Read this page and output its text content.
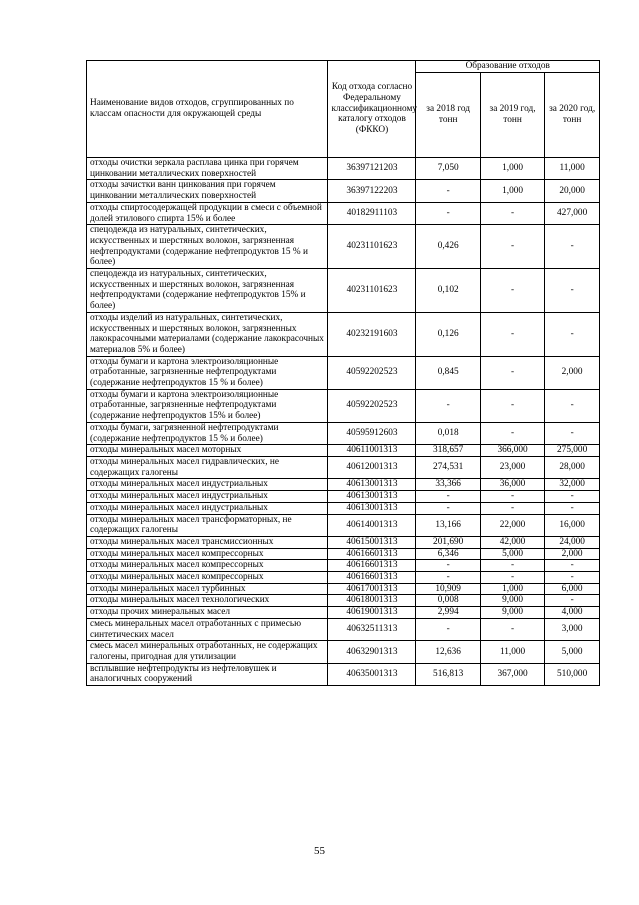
Наименование видов отходов, сгруппированных по классам опасности для окружающей среды	Код отхода согласно Федеральному классификационному каталогу отходов (ФККО)	Образование отходов		
		за 2018 год тонн	за 2019 год, тонн	за 2020 год, тонн
отходы очистки зеркала расплава цинка при горячем цинковании металлических поверхностей	36397121203	7,050	1,000	11,000
отходы зачистки ванн цинкования при горячем цинковании металлических поверхностей	36397122203	-	1,000	20,000
отходы спиртосодержащей продукции в смеси с объемной долей этилового спирта 15% и более	40182911103	-	-	427,000
спецодежда из натуральных, синтетических, искусственных и шерстяных волокон, загрязненная нефтепродуктами (содержание нефтепродуктов 15 % и более)	40231101623	0,426	-	-
спецодежда из натуральных, синтетических, искусственных и шерстяных волокон, загрязненная нефтепродуктами (содержание нефтепродуктов 15% и более)	40231101623	0,102	-	-
отходы изделий из натуральных, синтетических, искусственных и шерстяных волокон, загрязненных лакокрасочными материалами (содержание лакокрасочных материалов 5% и более)	40232191603	0,126	-	-
отходы бумаги и картона электроизоляционные отработанные, загрязненные нефтепродуктами (содержание нефтепродуктов 15 % и более)	40592202523	0,845	-	2,000
отходы бумаги и картона электроизоляционные отработанные, загрязненные нефтепродуктами (содержание нефтепродуктов 15% и более)	40592202523	-	-	-
отходы бумаги, загрязненной нефтепродуктами (содержание нефтепродуктов 15 % и более)	40595912603	0,018	-	-
отходы минеральных масел моторных	40611001313	318,657	366,000	275,000
отходы минеральных масел гидравлических, не содержащих галогены	40612001313	274,531	23,000	28,000
отходы минеральных масел индустриальных	40613001313	33,366	36,000	32,000
отходы минеральных масел индустриальных	40613001313	-	-	-
отходы минеральных масел индустриальных	40613001313	-	-	-
отходы минеральных масел трансформаторных, не содержащих галогены	40614001313	13,166	22,000	16,000
отходы минеральных масел трансмиссионных	40615001313	201,690	42,000	24,000
отходы минеральных масел компрессорных	40616601313	6,346	5,000	2,000
отходы минеральных масел компрессорных	40616601313	-	-	-
отходы минеральных масел компрессорных	40616601313	-	-	-
отходы минеральных масел турбинных	40617001313	10,909	1,000	6,000
отходы минеральных масел технологических	40618001313	0,008	9,000	-
отходы прочих минеральных масел	40619001313	2,994	9,000	4,000
смесь минеральных масел отработанных с примесью синтетических масел	40632511313	-	-	3,000
смесь масел минеральных отработанных, не содержащих галогены, пригодная для утилизации	40632901313	12,636	11,000	5,000
всплывшие нефтепродукты из нефтеловушек и аналогичных сооружений	40635001313	516,813	367,000	510,000
55
